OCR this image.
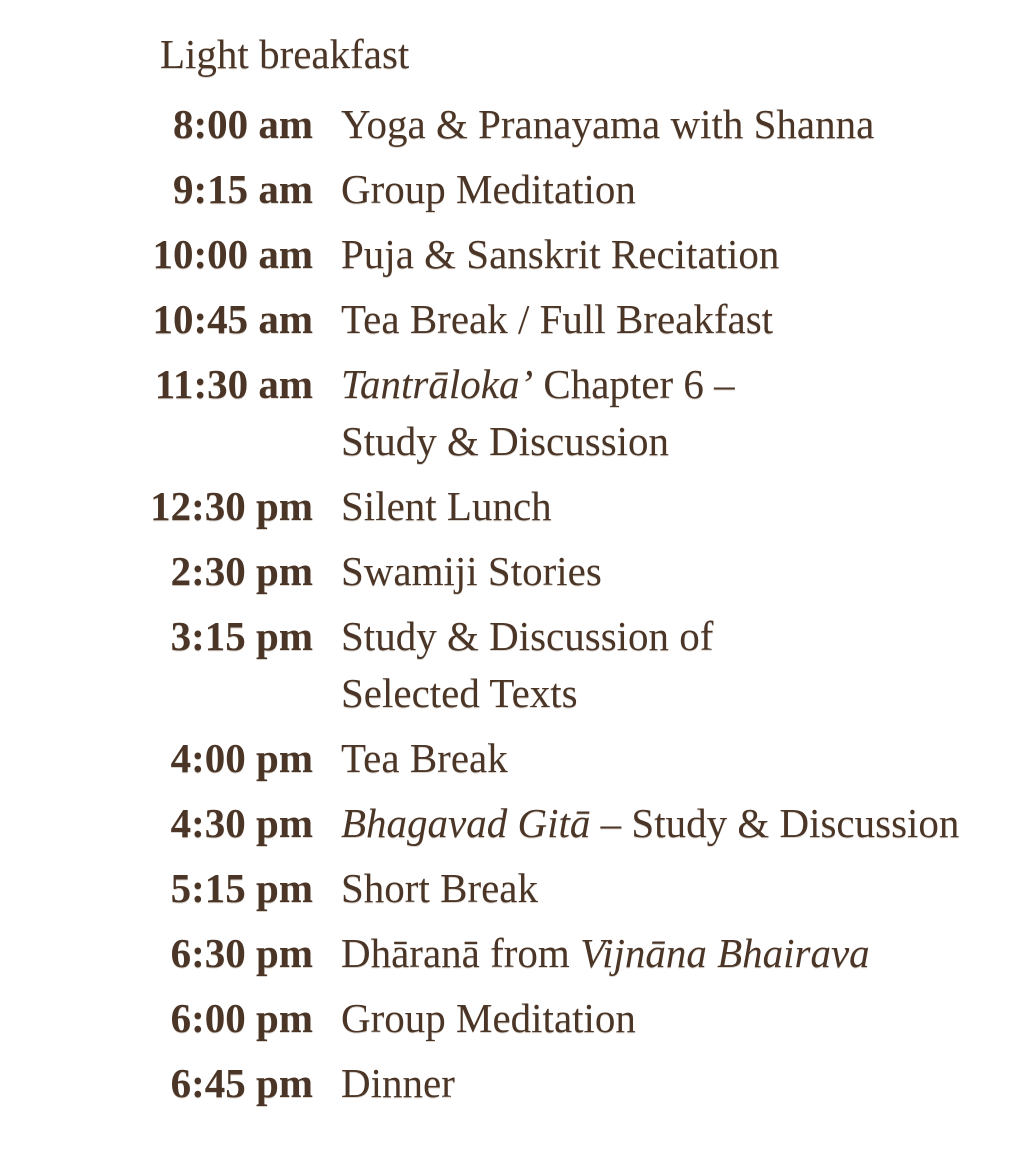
Light breakfast
8:00 am Yoga & Pranayama with Shanna
9:15 am Group Meditation
10:00 am Puja & Sanskrit Recitation
10:45 am Tea Break / Full Breakfast
11:30 am Tantrāloka’ Chapter 6 –
Study & Discussion
12:30 pm Silent Lunch
2:30 pm Swamiji Stories
3:15 pm Study & Discussion of
Selected Texts
4:00 pm Tea Break
4:30 pm Bhagavad Gitā – Study & Discussion
5:15 pm Short Break
6:30 pm Dhāranā from Vijnāna Bhairava
6:00 pm Group Meditation
6:45 pm Dinner
